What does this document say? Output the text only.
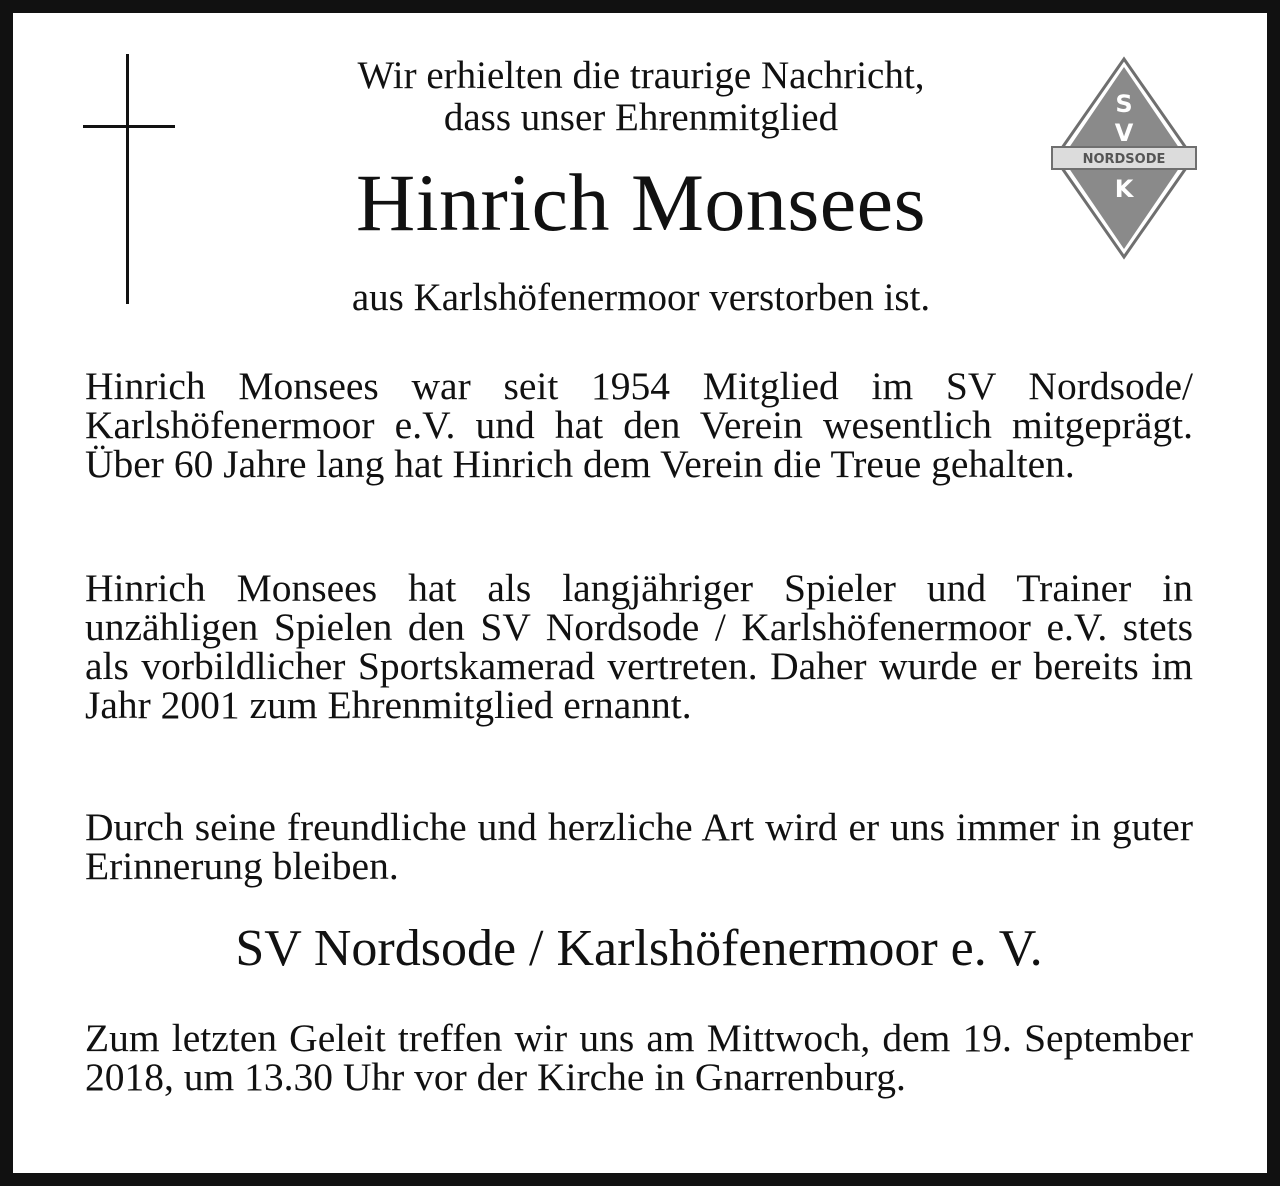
S
V
NORDSODE
K
Wir erhielten die traurige Nachricht,
dass unser Ehrenmitglied
Hinrich Monsees
aus Karlshöfenermoor verstorben ist.
Hinrich Monsees war seit 1954 Mitglied im SV Nordsode/ Karlshöfenermoor e.V. und hat den Verein wesentlich mitgeprägt. Über 60 Jahre lang hat Hinrich dem Verein die Treue gehalten.
Hinrich Monsees hat als langjähriger Spieler und Trainer in unzähligen Spielen den SV Nordsode / Karlshöfenermoor e.V. stets als vorbildlicher Sportskamerad vertreten. Daher wurde er bereits im Jahr 2001 zum Ehrenmitglied ernannt.
Durch seine freundliche und herzliche Art wird er uns immer in guter Erinnerung bleiben.
SV Nordsode / Karlshöfenermoor e. V.
Zum letzten Geleit treffen wir uns am Mittwoch, dem 19. September 2018, um 13.30 Uhr vor der Kirche in Gnarrenburg.
